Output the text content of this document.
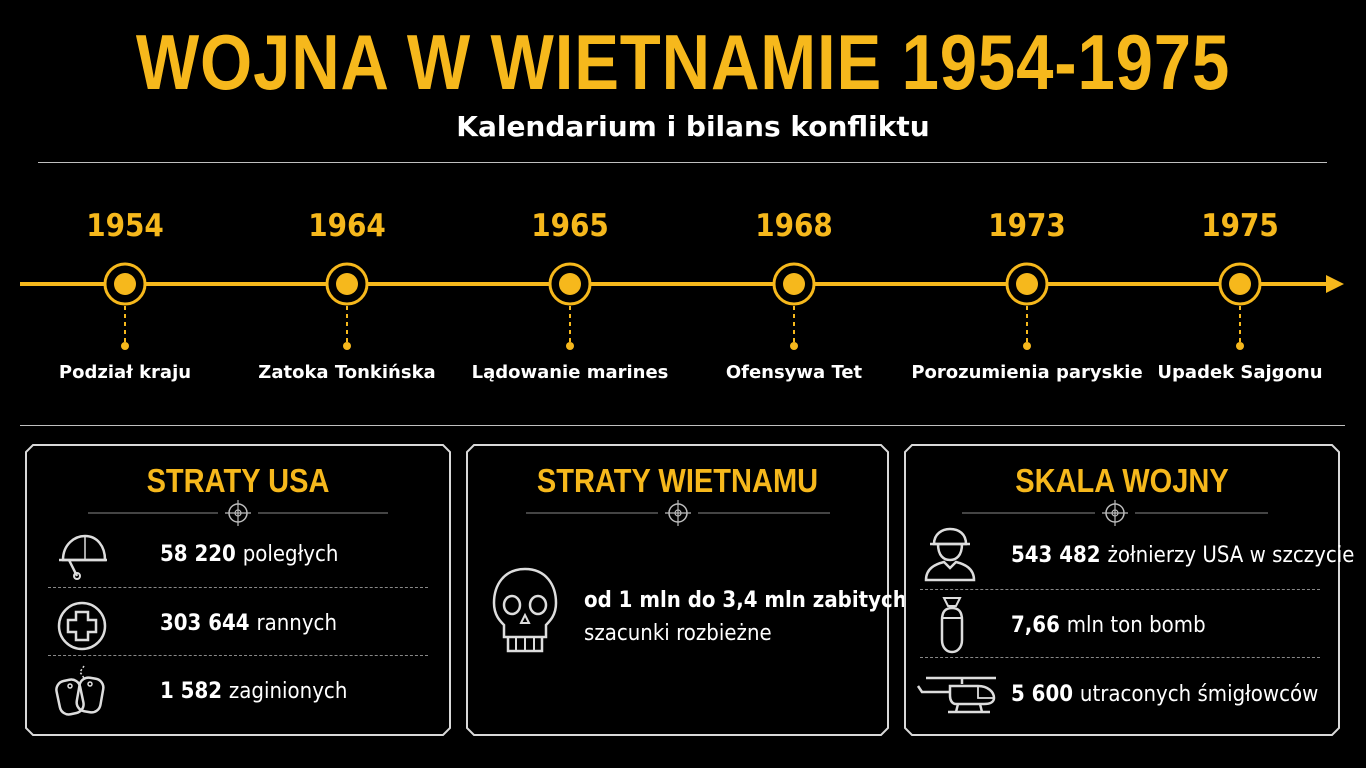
WOJNA W WIETNAMIE 1954-1975
Kalendarium i bilans konfliktu
1954
Podział kraju
1964
Zatoka Tonkińska
1965
Lądowanie marines
1968
Ofensywa Tet
1973
Porozumienia paryskie
1975
Upadek Sajgonu
STRATY USA
58 220 poległych
303 644 rannych
1 582 zaginionych
STRATY WIETNAMU
od 1 mln do 3,4 mln zabitych
szacunki rozbieżne
SKALA WOJNY
543 482 żołnierzy USA w szczycie
7,66 mln ton bomb
5 600 utraconych śmigłowców
